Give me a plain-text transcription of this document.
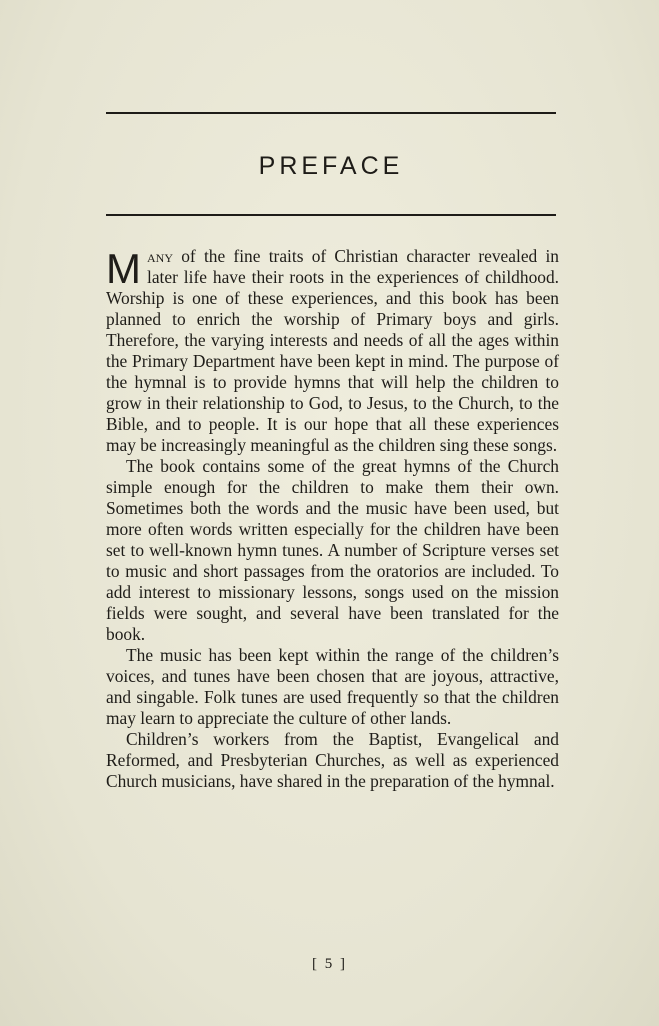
PREFACE

Many of the fine traits of Christian character revealed in later life have their roots in the experiences of childhood. Worship is one of these experiences, and this book has been planned to enrich the worship of Primary boys and girls. Therefore, the varying interests and needs of all the ages within the Primary Department have been kept in mind. The purpose of the hymnal is to provide hymns that will help the children to grow in their relationship to God, to Jesus, to the Church, to the Bible, and to people. It is our hope that all these experiences may be increasingly meaningful as the children sing these songs.

The book contains some of the great hymns of the Church simple enough for the children to make them their own. Sometimes both the words and the music have been used, but more often words written especially for the children have been set to well-known hymn tunes. A number of Scripture verses set to music and short passages from the oratorios are included. To add interest to missionary lessons, songs used on the mission fields were sought, and several have been translated for the book.

The music has been kept within the range of the children’s voices, and tunes have been chosen that are joyous, attractive, and singable. Folk tunes are used frequently so that the children may learn to appreciate the culture of other lands.

Children’s workers from the Baptist, Evangelical and Reformed, and Presbyterian Churches, as well as experienced Church musicians, have shared in the preparation of the hymnal.

[ 5 ]
